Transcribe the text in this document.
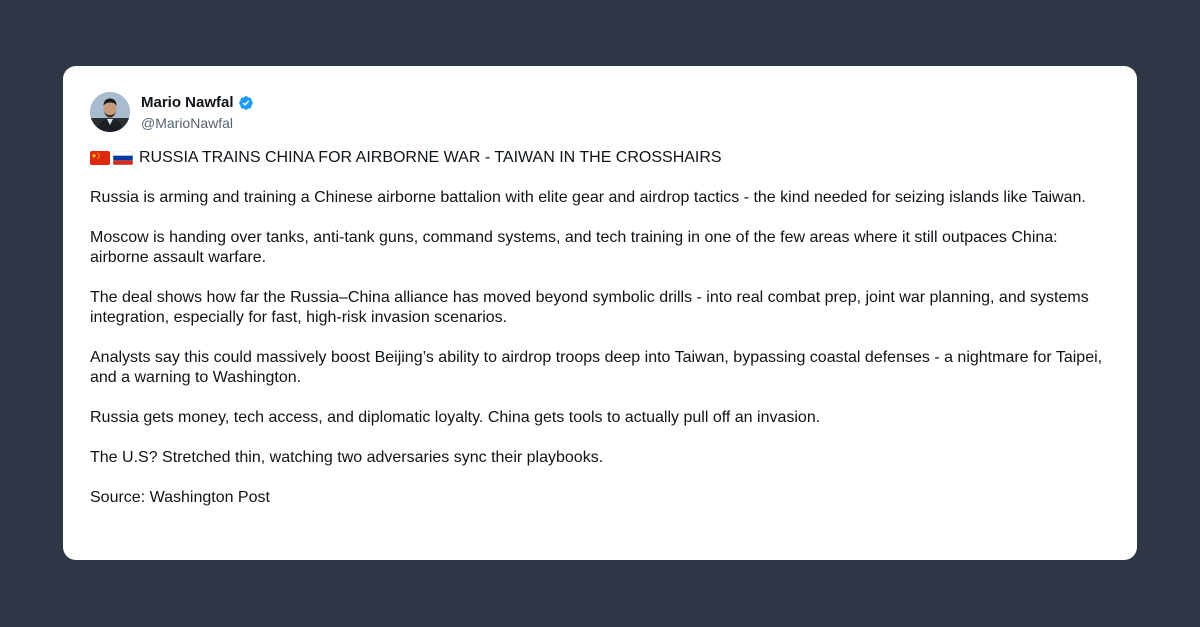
Mario Nawfal
@MarioNawfal
RUSSIA TRAINS CHINA FOR AIRBORNE WAR - TAIWAN IN THE CROSSHAIRS

Russia is arming and training a Chinese airborne battalion with elite gear and airdrop tactics - the kind needed for seizing islands like Taiwan.

Moscow is handing over tanks, anti-tank guns, command systems, and tech training in one of the few areas where it still outpaces China: airborne assault warfare.

The deal shows how far the Russia–China alliance has moved beyond symbolic drills - into real combat prep, joint war planning, and systems integration, especially for fast, high-risk invasion scenarios.

Analysts say this could massively boost Beijing’s ability to airdrop troops deep into Taiwan, bypassing coastal defenses - a nightmare for Taipei, and a warning to Washington.

Russia gets money, tech access, and diplomatic loyalty. China gets tools to actually pull off an invasion.

The U.S? Stretched thin, watching two adversaries sync their playbooks.

Source: Washington Post
